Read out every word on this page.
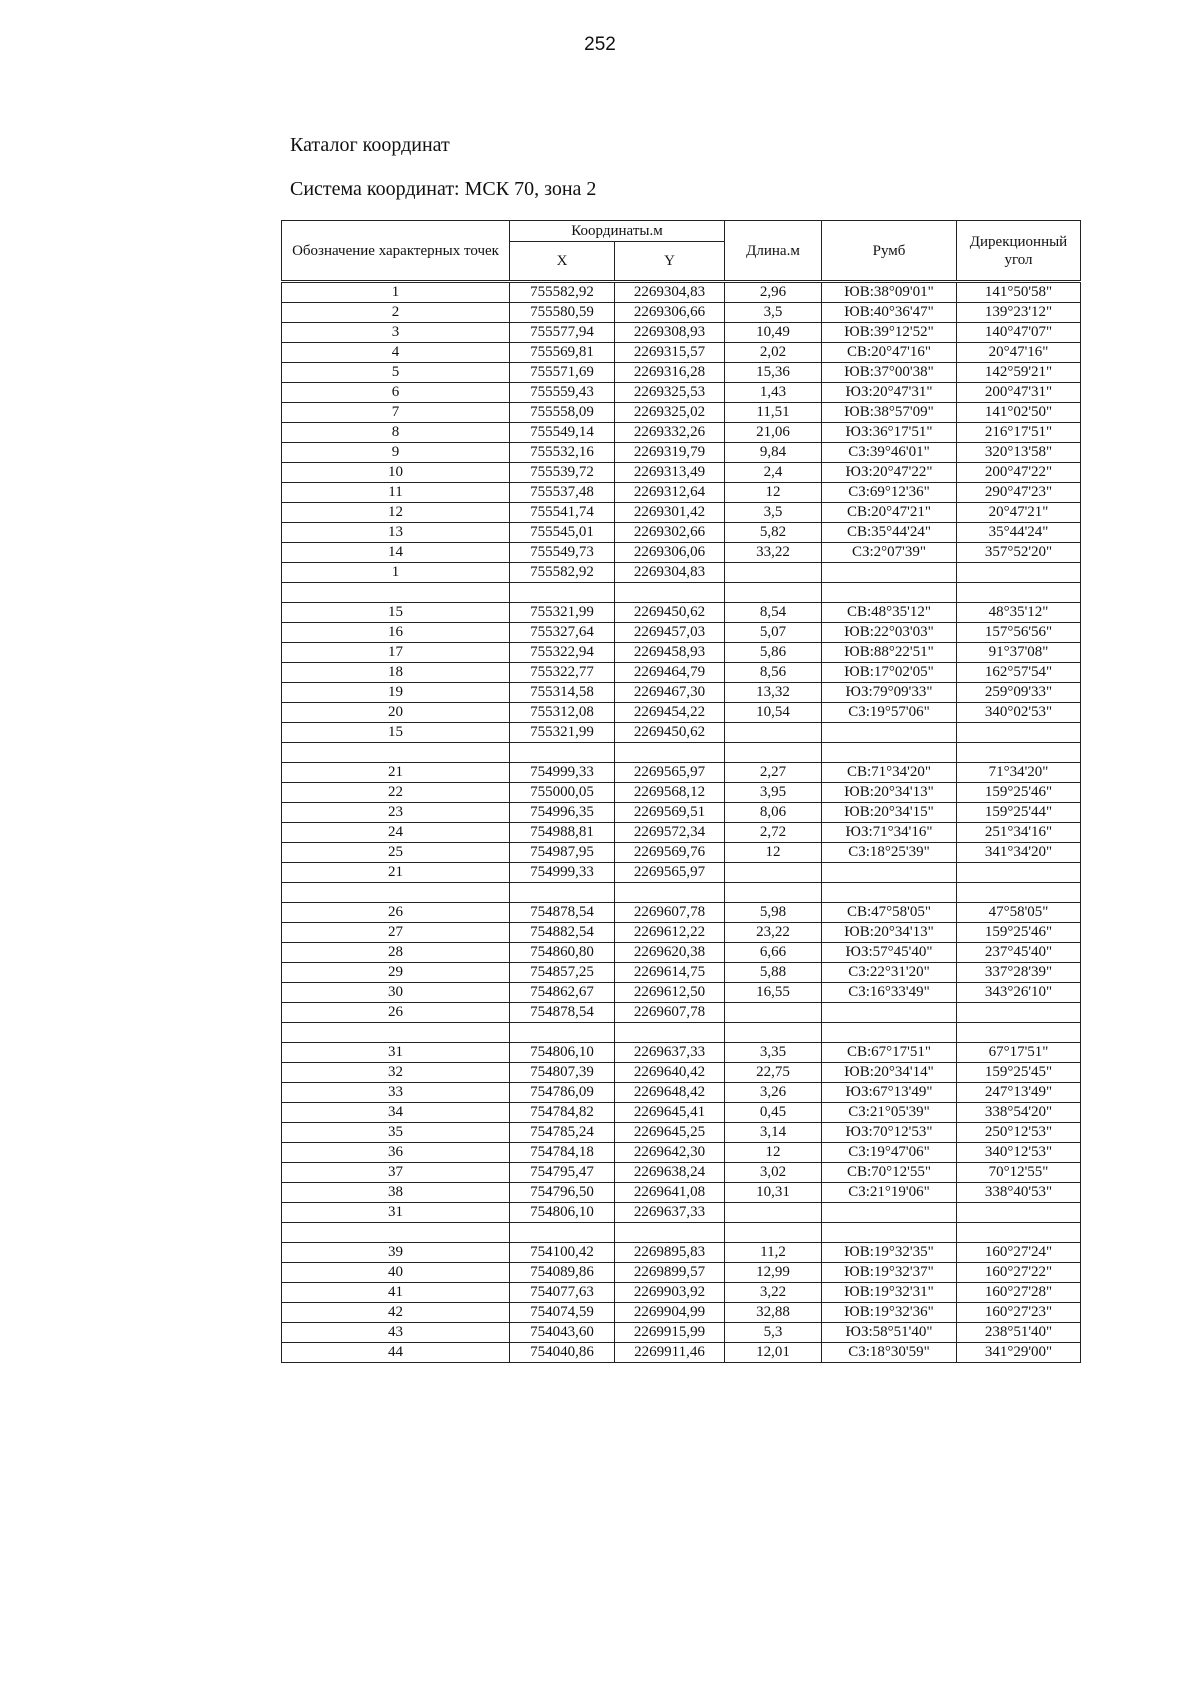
252
Каталог координат
Система координат: МСК 70, зона 2
Обозначение характерных точек	Координаты.м		Длина.м	Румб	Дирекционный угол
	X	Y			
1	755582,92	2269304,83	2,96	ЮВ:38°09'01"	141°50'58"
2	755580,59	2269306,66	3,5	ЮВ:40°36'47"	139°23'12"
3	755577,94	2269308,93	10,49	ЮВ:39°12'52"	140°47'07"
4	755569,81	2269315,57	2,02	СВ:20°47'16"	20°47'16"
5	755571,69	2269316,28	15,36	ЮВ:37°00'38"	142°59'21"
6	755559,43	2269325,53	1,43	ЮЗ:20°47'31"	200°47'31"
7	755558,09	2269325,02	11,51	ЮВ:38°57'09"	141°02'50"
8	755549,14	2269332,26	21,06	ЮЗ:36°17'51"	216°17'51"
9	755532,16	2269319,79	9,84	СЗ:39°46'01"	320°13'58"
10	755539,72	2269313,49	2,4	ЮЗ:20°47'22"	200°47'22"
11	755537,48	2269312,64	12	СЗ:69°12'36"	290°47'23"
12	755541,74	2269301,42	3,5	СВ:20°47'21"	20°47'21"
13	755545,01	2269302,66	5,82	СВ:35°44'24"	35°44'24"
14	755549,73	2269306,06	33,22	СЗ:2°07'39"	357°52'20"
1	755582,92	2269304,83			

15	755321,99	2269450,62	8,54	СВ:48°35'12"	48°35'12"
16	755327,64	2269457,03	5,07	ЮВ:22°03'03"	157°56'56"
17	755322,94	2269458,93	5,86	ЮВ:88°22'51"	91°37'08"
18	755322,77	2269464,79	8,56	ЮВ:17°02'05"	162°57'54"
19	755314,58	2269467,30	13,32	ЮЗ:79°09'33"	259°09'33"
20	755312,08	2269454,22	10,54	СЗ:19°57'06"	340°02'53"
15	755321,99	2269450,62			

21	754999,33	2269565,97	2,27	СВ:71°34'20"	71°34'20"
22	755000,05	2269568,12	3,95	ЮВ:20°34'13"	159°25'46"
23	754996,35	2269569,51	8,06	ЮВ:20°34'15"	159°25'44"
24	754988,81	2269572,34	2,72	ЮЗ:71°34'16"	251°34'16"
25	754987,95	2269569,76	12	СЗ:18°25'39"	341°34'20"
21	754999,33	2269565,97			

26	754878,54	2269607,78	5,98	СВ:47°58'05"	47°58'05"
27	754882,54	2269612,22	23,22	ЮВ:20°34'13"	159°25'46"
28	754860,80	2269620,38	6,66	ЮЗ:57°45'40"	237°45'40"
29	754857,25	2269614,75	5,88	СЗ:22°31'20"	337°28'39"
30	754862,67	2269612,50	16,55	СЗ:16°33'49"	343°26'10"
26	754878,54	2269607,78			

31	754806,10	2269637,33	3,35	СВ:67°17'51"	67°17'51"
32	754807,39	2269640,42	22,75	ЮВ:20°34'14"	159°25'45"
33	754786,09	2269648,42	3,26	ЮЗ:67°13'49"	247°13'49"
34	754784,82	2269645,41	0,45	СЗ:21°05'39"	338°54'20"
35	754785,24	2269645,25	3,14	ЮЗ:70°12'53"	250°12'53"
36	754784,18	2269642,30	12	СЗ:19°47'06"	340°12'53"
37	754795,47	2269638,24	3,02	СВ:70°12'55"	70°12'55"
38	754796,50	2269641,08	10,31	СЗ:21°19'06"	338°40'53"
31	754806,10	2269637,33			

39	754100,42	2269895,83	11,2	ЮВ:19°32'35"	160°27'24"
40	754089,86	2269899,57	12,99	ЮВ:19°32'37"	160°27'22"
41	754077,63	2269903,92	3,22	ЮВ:19°32'31"	160°27'28"
42	754074,59	2269904,99	32,88	ЮВ:19°32'36"	160°27'23"
43	754043,60	2269915,99	5,3	ЮЗ:58°51'40"	238°51'40"
44	754040,86	2269911,46	12,01	СЗ:18°30'59"	341°29'00"
